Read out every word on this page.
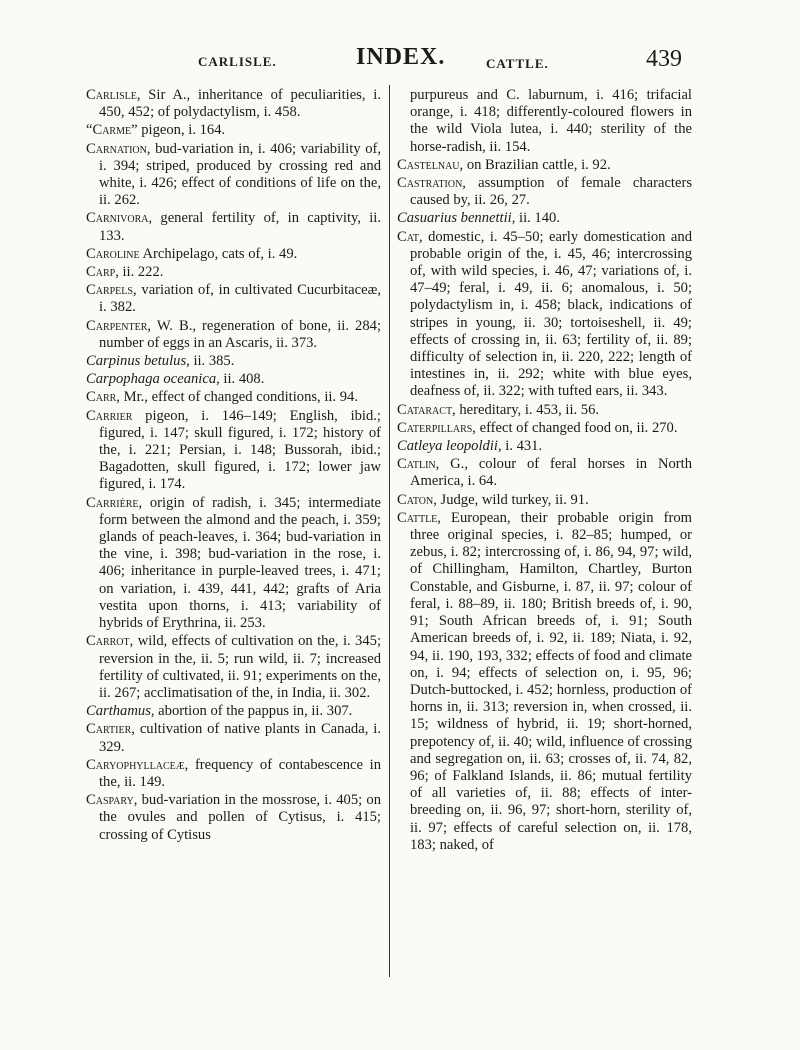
CARLISLE.	INDEX.	CATTLE.	439
Carlisle, Sir A., inheritance of peculiarities, i. 450, 452; of polydactylism, i. 458.
“Carme” pigeon, i. 164.
Carnation, bud-variation in, i. 406; variability of, i. 394; striped, produced by crossing red and white, i. 426; effect of conditions of life on the, ii. 262.
Carnivora, general fertility of, in captivity, ii. 133.
Caroline Archipelago, cats of, i. 49.
Carp, ii. 222.
Carpels, variation of, in cultivated Cucurbitaceæ, i. 382.
Carpenter, W. B., regeneration of bone, ii. 284; number of eggs in an Ascaris, ii. 373.
Carpinus betulus, ii. 385.
Carpophaga oceanica, ii. 408.
Carr, Mr., effect of changed conditions, ii. 94.
Carrier pigeon, i. 146–149; English, ibid.; figured, i. 147; skull figured, i. 172; history of the, i. 221; Persian, i. 148; Bussorah, ibid.; Bagadotten, skull figured, i. 172; lower jaw figured, i. 174.
Carrière, origin of radish, i. 345; intermediate form between the almond and the peach, i. 359; glands of peach-leaves, i. 364; bud-variation in the vine, i. 398; bud-variation in the rose, i. 406; inheritance in purple-leaved trees, i. 471; on variation, i. 439, 441, 442; grafts of Aria vestita upon thorns, i. 413; variability of hybrids of Erythrina, ii. 253.
Carrot, wild, effects of cultivation on the, i. 345; reversion in the, ii. 5; run wild, ii. 7; increased fertility of cultivated, ii. 91; experiments on the, ii. 267; acclimatisation of the, in India, ii. 302.
Carthamus, abortion of the pappus in, ii. 307.
Cartier, cultivation of native plants in Canada, i. 329.
Caryophyllaceæ, frequency of contabescence in the, ii. 149.
Caspary, bud-variation in the mossrose, i. 405; on the ovules and pollen of Cytisus, i. 415; crossing of Cytisus
purpureus and C. laburnum, i. 416; trifacial orange, i. 418; differently-coloured flowers in the wild Viola lutea, i. 440; sterility of the horse-radish, ii. 154.
Castelnau, on Brazilian cattle, i. 92.
Castration, assumption of female characters caused by, ii. 26, 27.
Casuarius bennettii, ii. 140.
Cat, domestic, i. 45–50; early domestication and probable origin of the, i. 45, 46; intercrossing of, with wild species, i. 46, 47; variations of, i. 47–49; feral, i. 49, ii. 6; anomalous, i. 50; polydactylism in, i. 458; black, indications of stripes in young, ii. 30; tortoiseshell, ii. 49; effects of crossing in, ii. 63; fertility of, ii. 89; difficulty of selection in, ii. 220, 222; length of intestines in, ii. 292; white with blue eyes, deafness of, ii. 322; with tufted ears, ii. 343.
Cataract, hereditary, i. 453, ii. 56.
Caterpillars, effect of changed food on, ii. 270.
Catleya leopoldii, i. 431.
Catlin, G., colour of feral horses in North America, i. 64.
Caton, Judge, wild turkey, ii. 91.
Cattle, European, their probable origin from three original species, i. 82–85; humped, or zebus, i. 82; intercrossing of, i. 86, 94, 97; wild, of Chillingham, Hamilton, Chartley, Burton Constable, and Gisburne, i. 87, ii. 97; colour of feral, i. 88–89, ii. 180; British breeds of, i. 90, 91; South African breeds of, i. 91; South American breeds of, i. 92, ii. 189; Niata, i. 92, 94, ii. 190, 193, 332; effects of food and climate on, i. 94; effects of selection on, i. 95, 96; Dutch-buttocked, i. 452; hornless, production of horns in, ii. 313; reversion in, when crossed, ii. 15; wildness of hybrid, ii. 19; short-horned, prepotency of, ii. 40; wild, influence of crossing and segregation on, ii. 63; crosses of, ii. 74, 82, 96; of Falkland Islands, ii. 86; mutual fertility of all varieties of, ii. 88; effects of inter-breeding on, ii. 96, 97; short-horn, sterility of, ii. 97; effects of careful selection on, ii. 178, 183; naked, of
